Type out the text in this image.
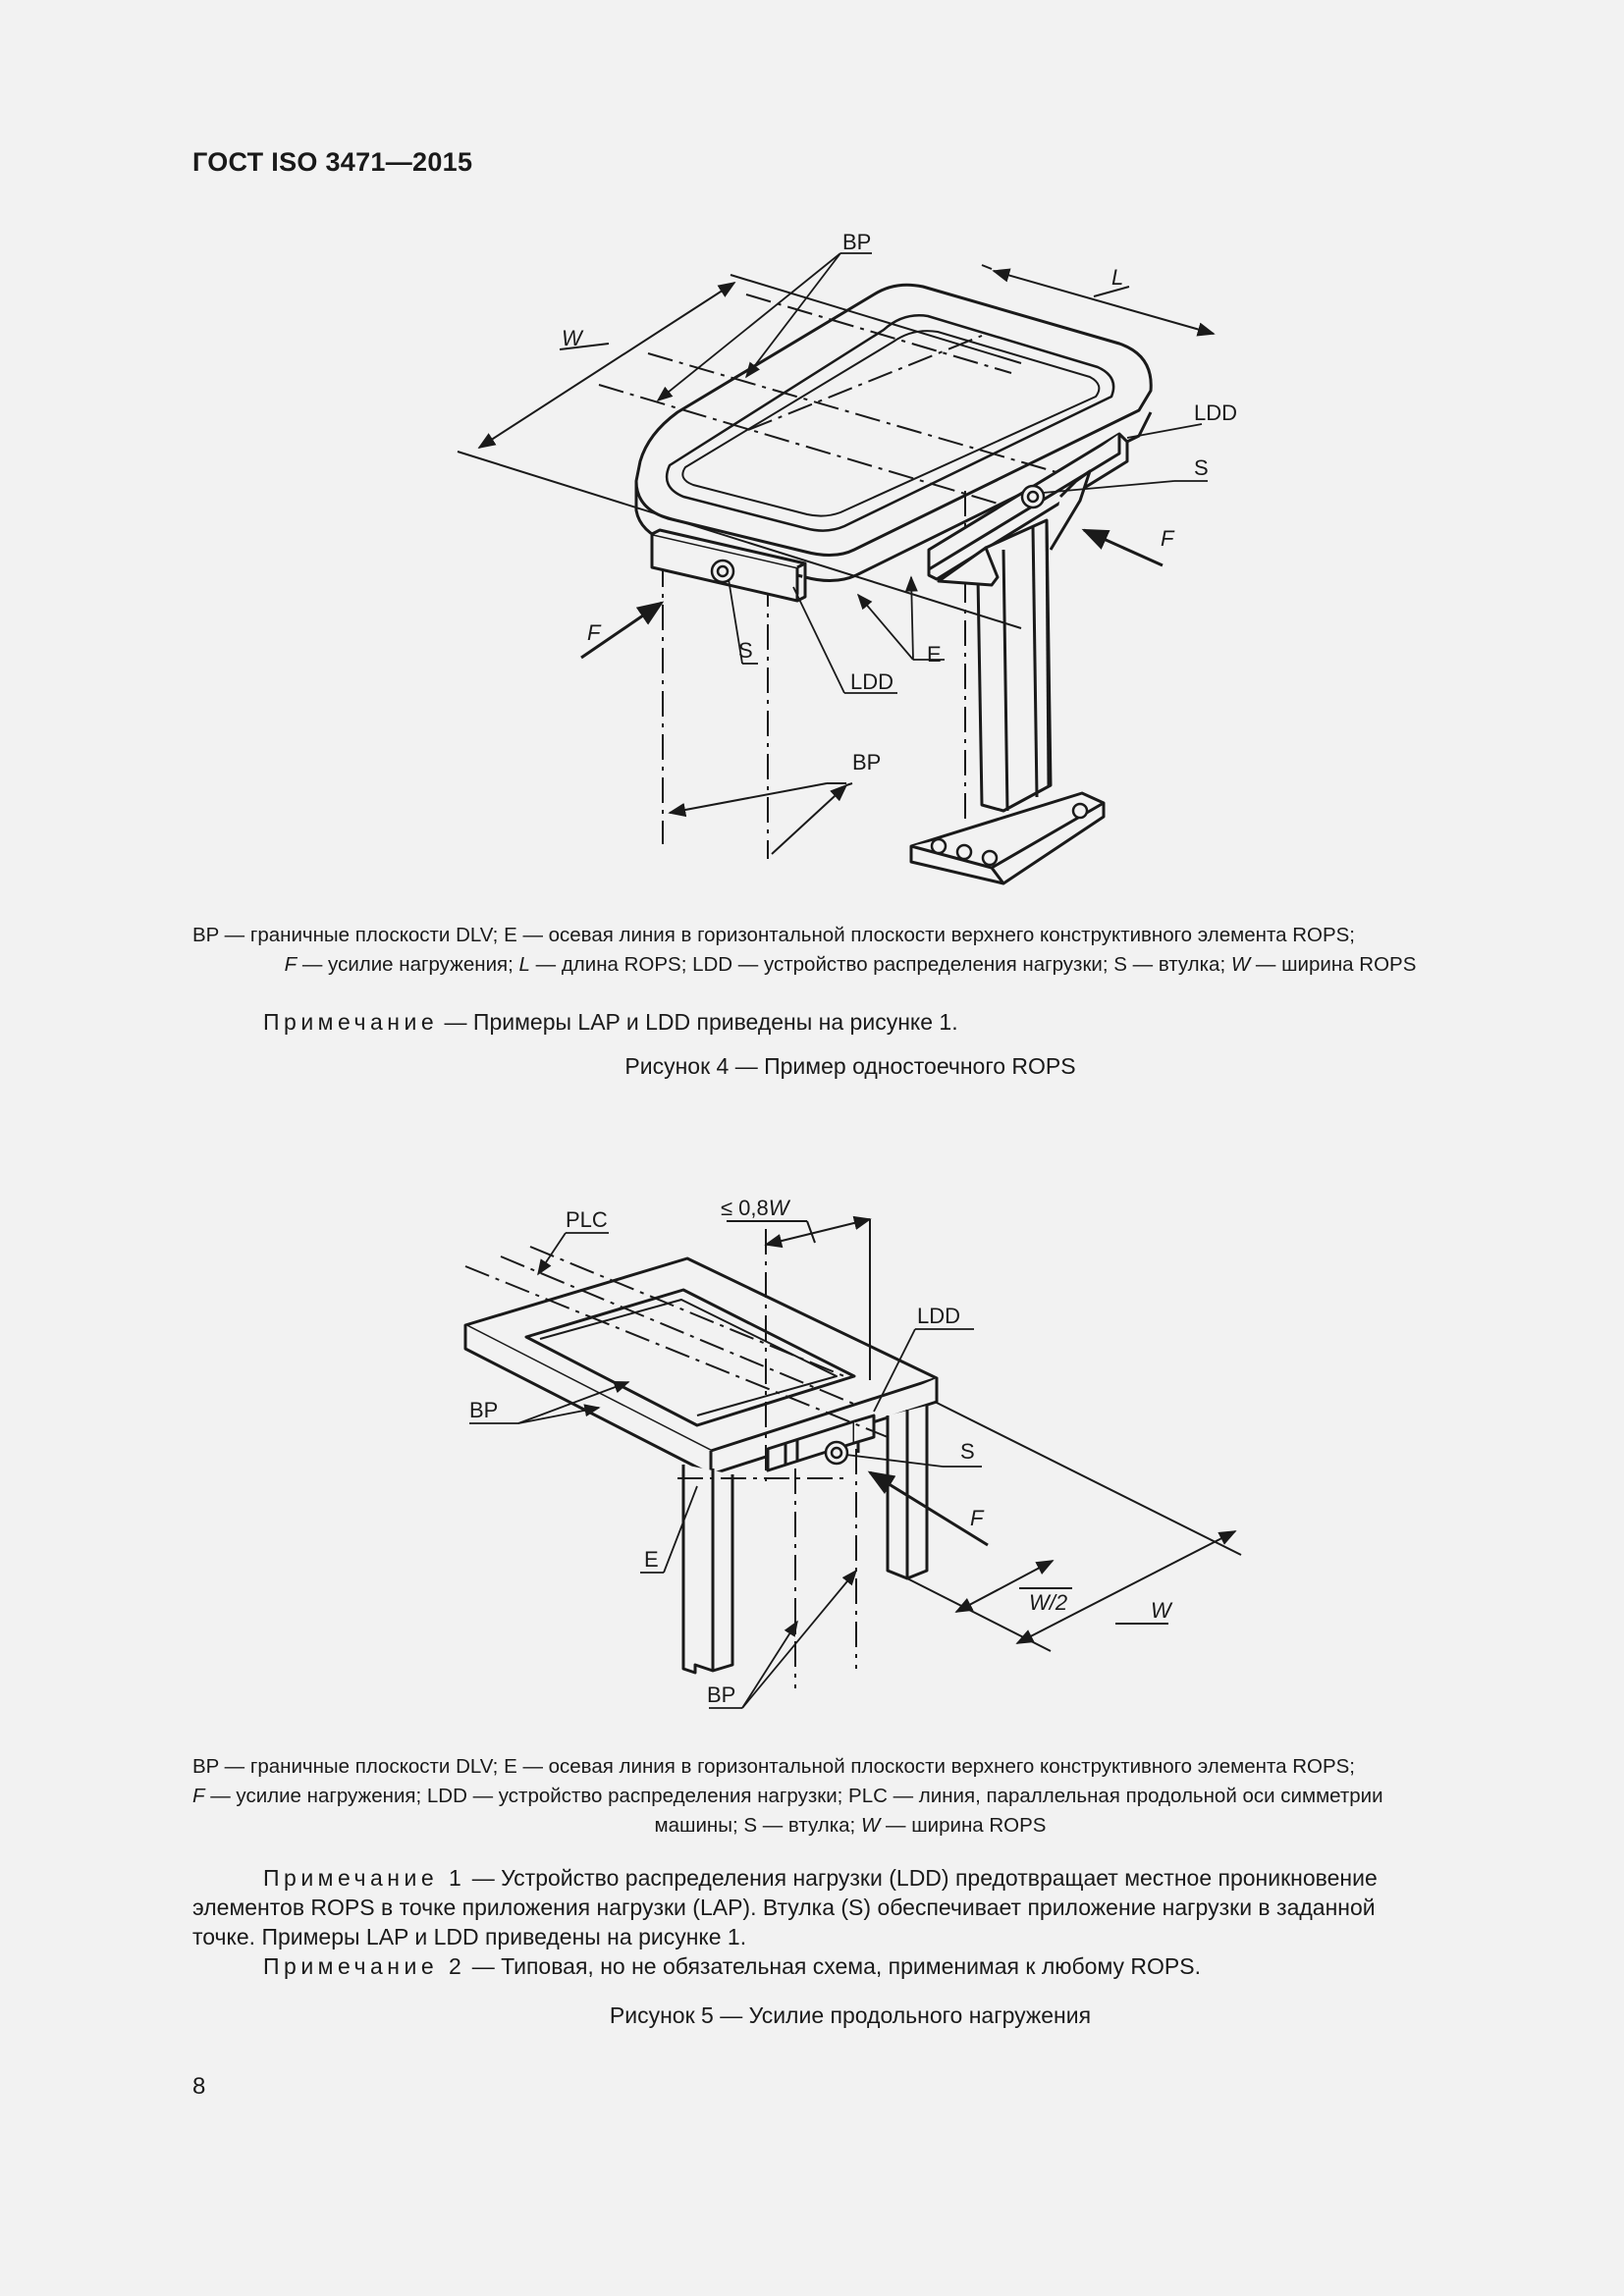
ГОСТ ISO 3471—2015
BP
W
L
LDD
S
F
F
S	E
LDD
BP
BP — граничные плоскости DLV; E — осевая линия в горизонтальной плоскости верхнего конструктивного элемента ROPS;
F — усилие нагружения; L — длина ROPS; LDD — устройство распределения нагрузки; S — втулка; W — ширина ROPS
Примечание — Примеры LAP и LDD приведены на рисунке 1.
Рисунок 4 — Пример одностоечного ROPS
PLC	≤ 0,8W
LDD
BP
S
F
E
W/2	W
BP
BP — граничные плоскости DLV; E — осевая линия в горизонтальной плоскости верхнего конструктивного элемента ROPS;
F — усилие нагружения; LDD — устройство распределения нагрузки; PLC — линия, параллельная продольной оси симметрии
машины; S — втулка; W — ширина ROPS
Примечание 1 — Устройство распределения нагрузки (LDD) предотвращает местное проникновение
элементов ROPS в точке приложения нагрузки (LAP). Втулка (S) обеспечивает приложение нагрузки в заданной
точке. Примеры LAP и LDD приведены на рисунке 1.
Примечание 2 — Типовая, но не обязательная схема, применимая к любому ROPS.
Рисунок 5 — Усилие продольного нагружения
8
